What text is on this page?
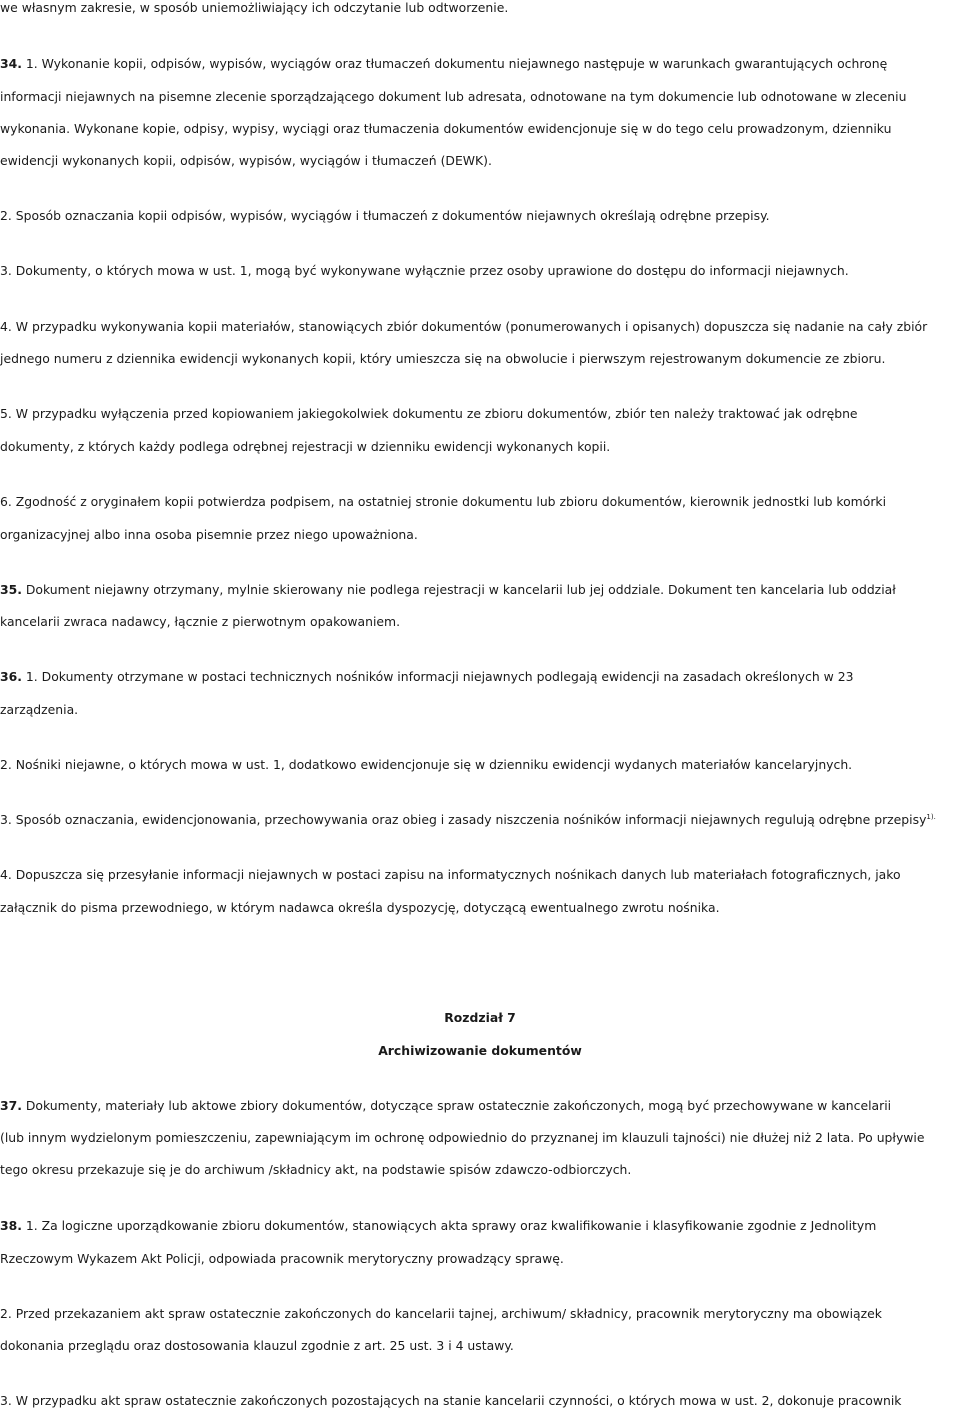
we własnym zakresie, w sposób uniemożliwiający ich odczytanie lub odtworzenie.
34. 1. Wykonanie kopii, odpisów, wypisów, wyciągów oraz tłumaczeń dokumentu niejawnego następuje w warunkach gwarantujących ochronę
informacji niejawnych na pisemne zlecenie sporządzającego dokument lub adresata, odnotowane na tym dokumencie lub odnotowane w zleceniu
wykonania. Wykonane kopie, odpisy, wypisy, wyciągi oraz tłumaczenia dokumentów ewidencjonuje się w do tego celu prowadzonym, dzienniku
ewidencji wykonanych kopii, odpisów, wypisów, wyciągów i tłumaczeń (DEWK).
2. Sposób oznaczania kopii odpisów, wypisów, wyciągów i tłumaczeń z dokumentów niejawnych określają odrębne przepisy.
3. Dokumenty, o których mowa w ust. 1, mogą być wykonywane wyłącznie przez osoby uprawione do dostępu do informacji niejawnych.
4. W przypadku wykonywania kopii materiałów, stanowiących zbiór dokumentów (ponumerowanych i opisanych) dopuszcza się nadanie na cały zbiór
jednego numeru z dziennika ewidencji wykonanych kopii, który umieszcza się na obwolucie i pierwszym rejestrowanym dokumencie ze zbioru.
5. W przypadku wyłączenia przed kopiowaniem jakiegokolwiek dokumentu ze zbioru dokumentów, zbiór ten należy traktować jak odrębne
dokumenty, z których każdy podlega odrębnej rejestracji w dzienniku ewidencji wykonanych kopii.
6. Zgodność z oryginałem kopii potwierdza podpisem, na ostatniej stronie dokumentu lub zbioru dokumentów, kierownik jednostki lub komórki
organizacyjnej albo inna osoba pisemnie przez niego upoważniona.
35. Dokument niejawny otrzymany, mylnie skierowany nie podlega rejestracji w kancelarii lub jej oddziale. Dokument ten kancelaria lub oddział
kancelarii zwraca nadawcy, łącznie z pierwotnym opakowaniem.
36. 1. Dokumenty otrzymane w postaci technicznych nośników informacji niejawnych podlegają ewidencji na zasadach określonych w 23
zarządzenia.
2. Nośniki niejawne, o których mowa w ust. 1, dodatkowo ewidencjonuje się w dzienniku ewidencji wydanych materiałów kancelaryjnych.
3. Sposób oznaczania, ewidencjonowania, przechowywania oraz obieg i zasady niszczenia nośników informacji niejawnych regulują odrębne przepisy$^{1).}$
4. Dopuszcza się przesyłanie informacji niejawnych w postaci zapisu na informatycznych nośnikach danych lub materiałach fotograficznych, jako
załącznik do pisma przewodniego, w którym nadawca określa dyspozycję, dotyczącą ewentualnego zwrotu nośnika.
Rozdział 7
Archiwizowanie dokumentów
37. Dokumenty, materiały lub aktowe zbiory dokumentów, dotyczące spraw ostatecznie zakończonych, mogą być przechowywane w kancelarii
(lub innym wydzielonym pomieszczeniu, zapewniającym im ochronę odpowiednio do przyznanej im klauzuli tajności) nie dłużej niż 2 lata. Po upływie
tego okresu przekazuje się je do archiwum /składnicy akt, na podstawie spisów zdawczo-odbiorczych.
38. 1. Za logiczne uporządkowanie zbioru dokumentów, stanowiących akta sprawy oraz kwalifikowanie i klasyfikowanie zgodnie z Jednolitym
Rzeczowym Wykazem Akt Policji, odpowiada pracownik merytoryczny prowadzący sprawę.
2. Przed przekazaniem akt spraw ostatecznie zakończonych do kancelarii tajnej, archiwum/ składnicy, pracownik merytoryczny ma obowiązek
dokonania przeglądu oraz dostosowania klauzul zgodnie z art. 25 ust. 3 i 4 ustawy.
3. W przypadku akt spraw ostatecznie zakończonych pozostających na stanie kancelarii czynności, o których mowa w ust. 2, dokonuje pracownik
